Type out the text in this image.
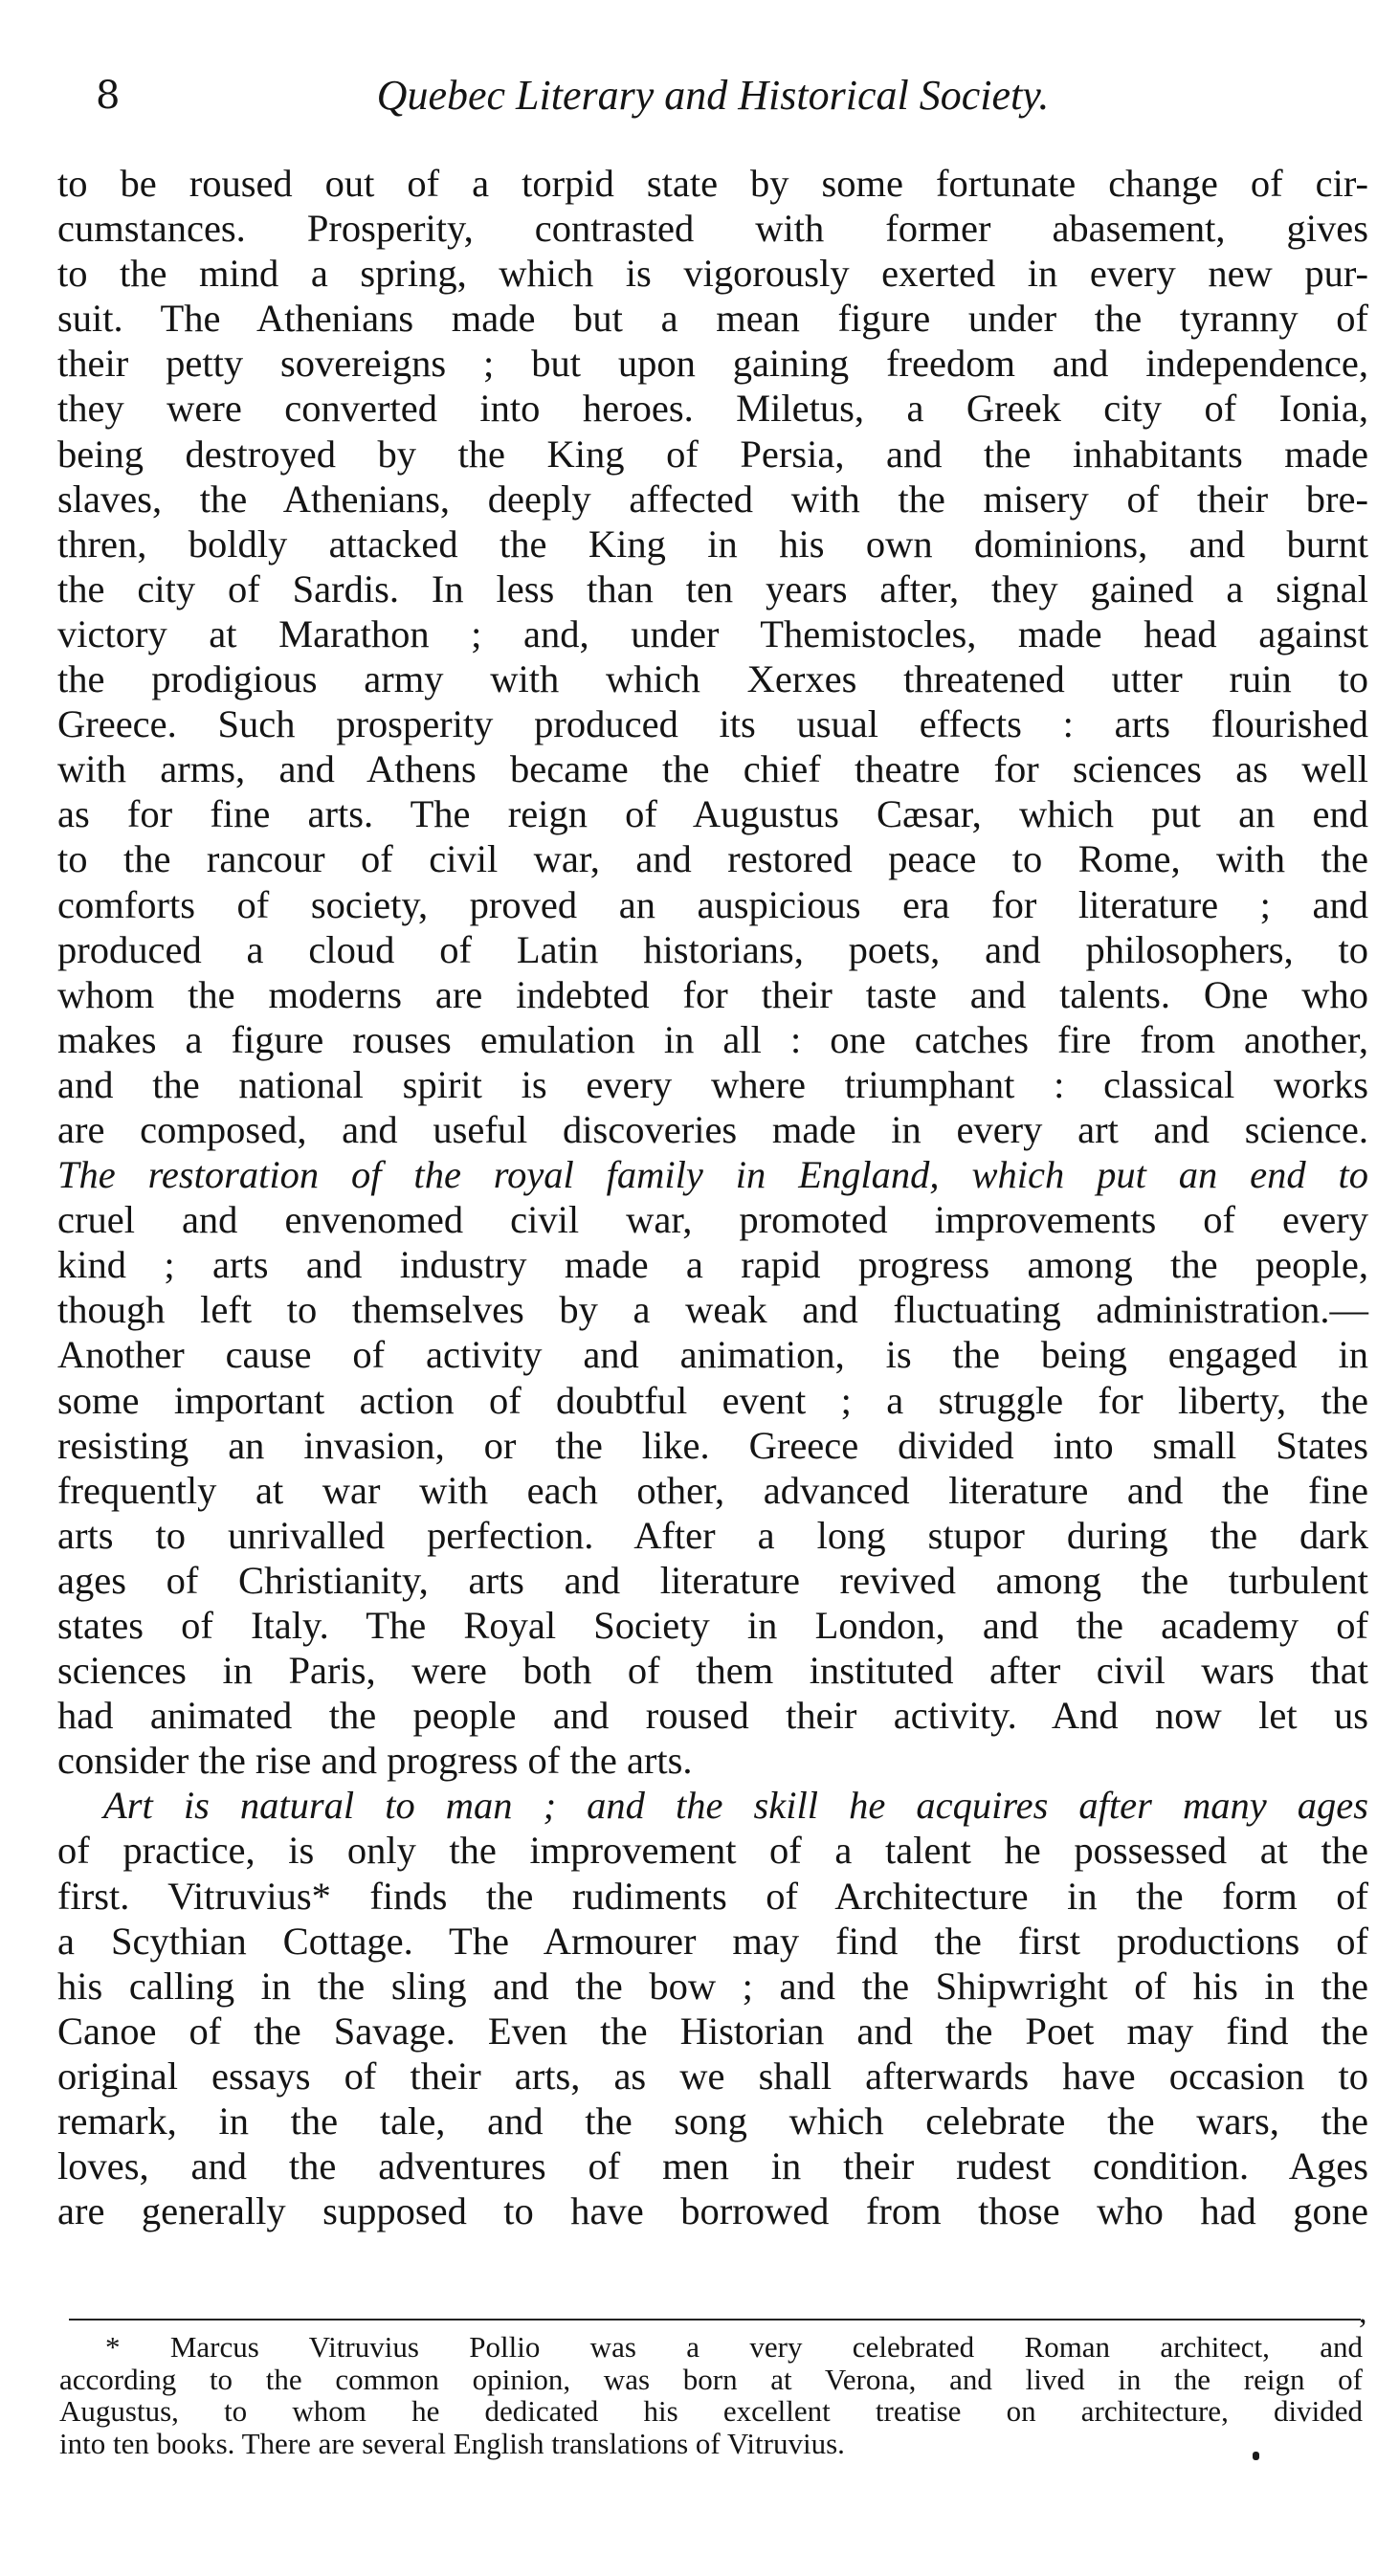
8	Quebec Literary and Historical Society.
to be roused out of a torpid state by some fortunate change of cir-
cumstances. Prosperity, contrasted with former abasement, gives
to the mind a spring, which is vigorously exerted in every new pur-
suit. The Athenians made but a mean figure under the tyranny of
their petty sovereigns ; but upon gaining freedom and independence,
they were converted into heroes. Miletus, a Greek city of Ionia,
being destroyed by the King of Persia, and the inhabitants made
slaves, the Athenians, deeply affected with the misery of their bre-
thren, boldly attacked the King in his own dominions, and burnt
the city of Sardis. In less than ten years after, they gained a signal
victory at Marathon ; and, under Themistocles, made head against
the prodigious army with which Xerxes threatened utter ruin to
Greece. Such prosperity produced its usual effects : arts flourished
with arms, and Athens became the chief theatre for sciences as well
as for fine arts. The reign of Augustus Cæsar, which put an end
to the rancour of civil war, and restored peace to Rome, with the
comforts of society, proved an auspicious era for literature ; and
produced a cloud of Latin historians, poets, and philosophers, to
whom the moderns are indebted for their taste and talents. One who
makes a figure rouses emulation in all : one catches fire from another,
and the national spirit is every where triumphant : classical works
are composed, and useful discoveries made in every art and science.
The restoration of the royal family in England, which put an end to
cruel and envenomed civil war, promoted improvements of every
kind ; arts and industry made a rapid progress among the people,
though left to themselves by a weak and fluctuating administration.—
Another cause of activity and animation, is the being engaged in
some important action of doubtful event ; a struggle for liberty, the
resisting an invasion, or the like. Greece divided into small States
frequently at war with each other, advanced literature and the fine
arts to unrivalled perfection. After a long stupor during the dark
ages of Christianity, arts and literature revived among the turbulent
states of Italy. The Royal Society in London, and the academy of
sciences in Paris, were both of them instituted after civil wars that
had animated the people and roused their activity. And now let us
consider the rise and progress of the arts.
Art is natural to man ; and the skill he acquires after many ages
of practice, is only the improvement of a talent he possessed at the
first. Vitruvius* finds the rudiments of Architecture in the form of
a Scythian Cottage. The Armourer may find the first productions of
his calling in the sling and the bow ; and the Shipwright of his in the
Canoe of the Savage. Even the Historian and the Poet may find the
original essays of their arts, as we shall afterwards have occasion to
remark, in the tale, and the song which celebrate the wars, the
loves, and the adventures of men in their rudest condition. Ages
are generally supposed to have borrowed from those who had gone
,
* Marcus Vitruvius Pollio was a very celebrated Roman architect, and
according to the common opinion, was born at Verona, and lived in the reign of
Augustus, to whom he dedicated his excellent treatise on architecture, divided
into ten books. There are several English translations of Vitruvius.
